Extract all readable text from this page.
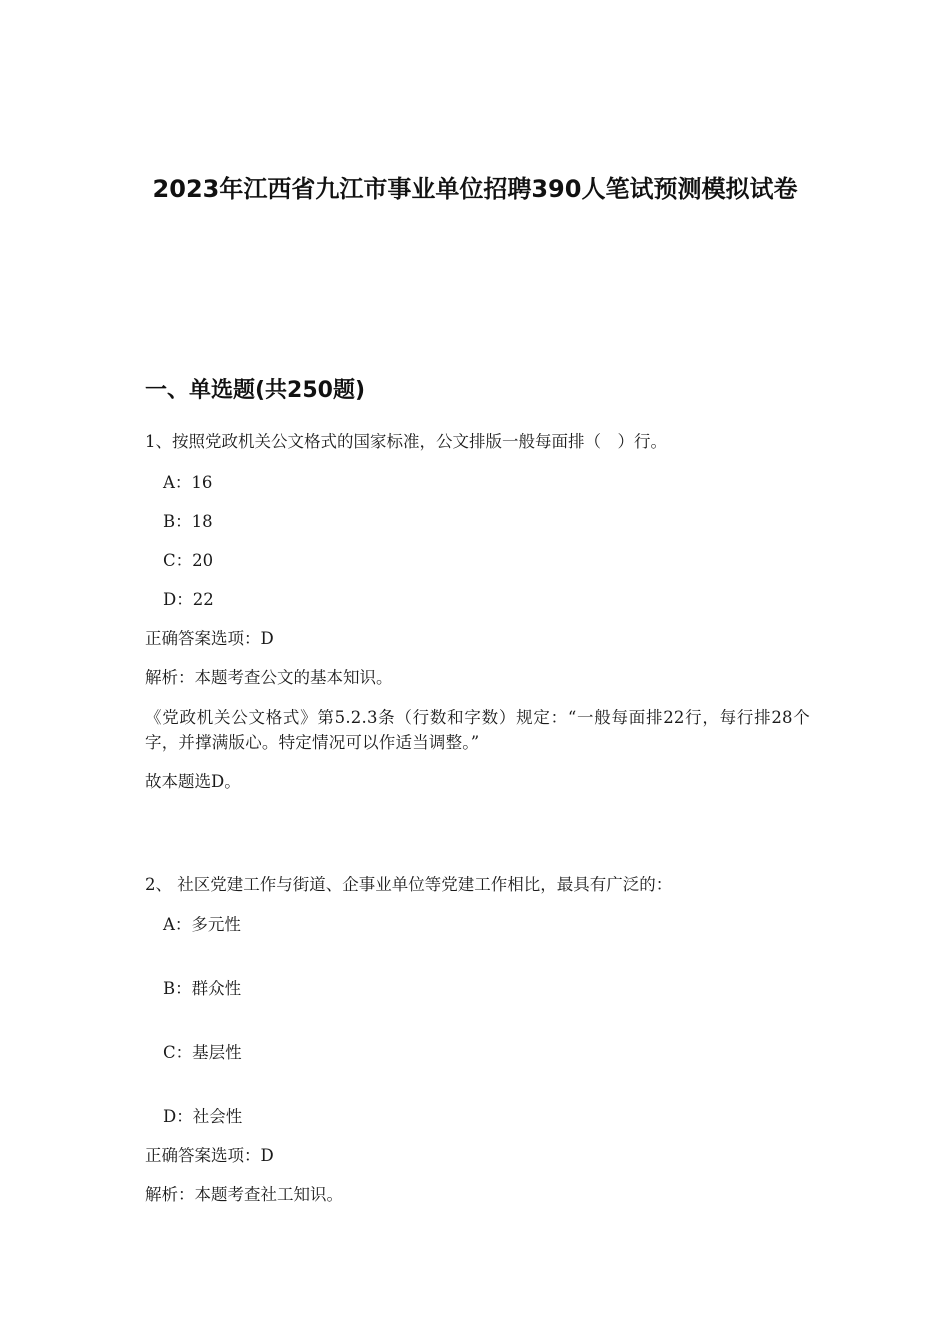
2023年江西省九江市事业单位招聘390人笔试预测模拟试卷
一、单选题(共250题)
1、按照党政机关公文格式的国家标准，公文排版一般每面排（　）行。
A：16
B：18
C：20
D：22
正确答案选项：D
解析：本题考查公文的基本知识。
《党政机关公文格式》第5.2.3条（行数和字数）规定：“一般每面排22行，每行排28个字，并撑满版心。特定情况可以作适当调整。”
故本题选D。
2、 社区党建工作与街道、企事业单位等党建工作相比，最具有广泛的：
A：多元性
B：群众性
C：基层性
D：社会性
正确答案选项：D
解析：本题考查社工知识。
